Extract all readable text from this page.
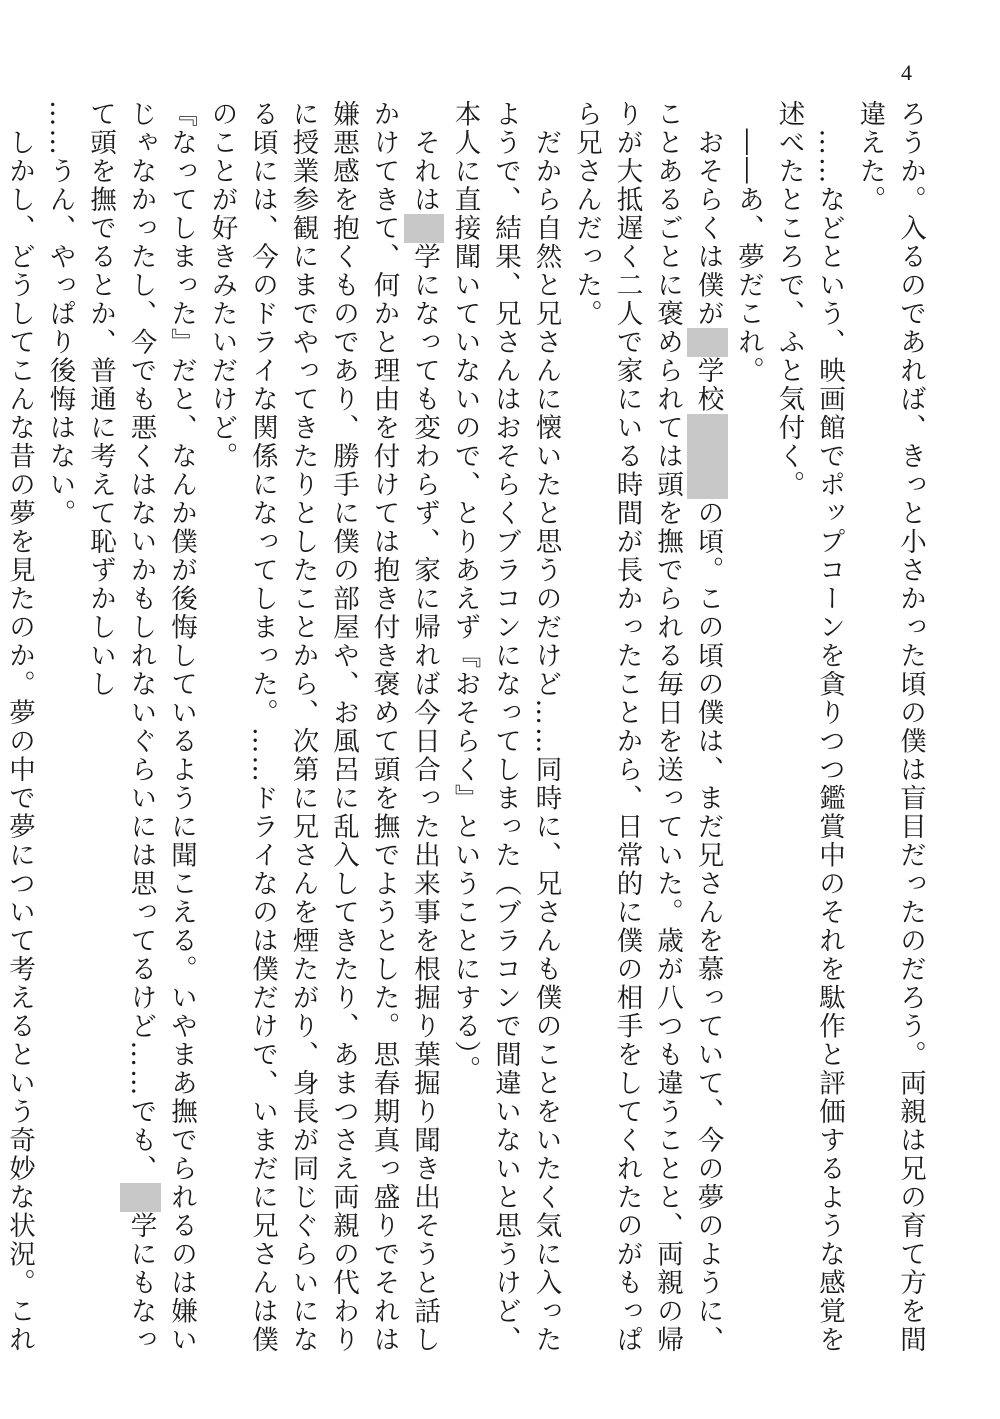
4
ろうか。入るのであれば、きっと小さかった頃の僕は盲目だったのだろう。両親は兄の育て方を間違えた。
　……などという、映画館でポップコーンを貪りつつ鑑賞中のそれを駄作と評価するような感覚を述べたところで、ふと気付く。
　――あ、夢だこれ。
　おそらくは僕が学校の頃。この頃の僕は、まだ兄さんを慕っていて、今の夢のように、ことあるごとに褒められては頭を撫でられる毎日を送っていた。歳が八つも違うことと、両親の帰りが大抵遅く二人で家にいる時間が長かったことから、日常的に僕の相手をしてくれたのがもっぱら兄さんだった。
　だから自然と兄さんに懐いたと思うのだけど……同時に、兄さんも僕のことをいたく気に入ったようで、結果、兄さんはおそらくブラコンになってしまった（ブラコンで間違いないと思うけど、本人に直接聞いていないので、とりあえず『おそらく』ということにする）。
　それは学になっても変わらず、家に帰れば今日合った出来事を根掘り葉掘り聞き出そうと話しかけてきて、何かと理由を付けては抱き付き褒めて頭を撫でようとした。思春期真っ盛りでそれは嫌悪感を抱くものであり、勝手に僕の部屋や、お風呂に乱入してきたり、あまつさえ両親の代わりに授業参観にまでやってきたりとしたことから、次第に兄さんを煙たがり、身長が同じぐらいになる頃には、今のドライな関係になってしまった。……ドライなのは僕だけで、いまだに兄さんは僕のことが好きみたいだけど。
『なってしまった』だと、なんか僕が後悔しているように聞こえる。いやまあ撫でられるのは嫌いじゃなかったし、今でも悪くはないかもしれないぐらいには思ってるけど……でも、学にもなって頭を撫でるとか、普通に考えて恥ずかしいし
……うん、やっぱり後悔はない。
　しかし、どうしてこんな昔の夢を見たのか。夢の中で夢について考えるという奇妙な状況。これ
